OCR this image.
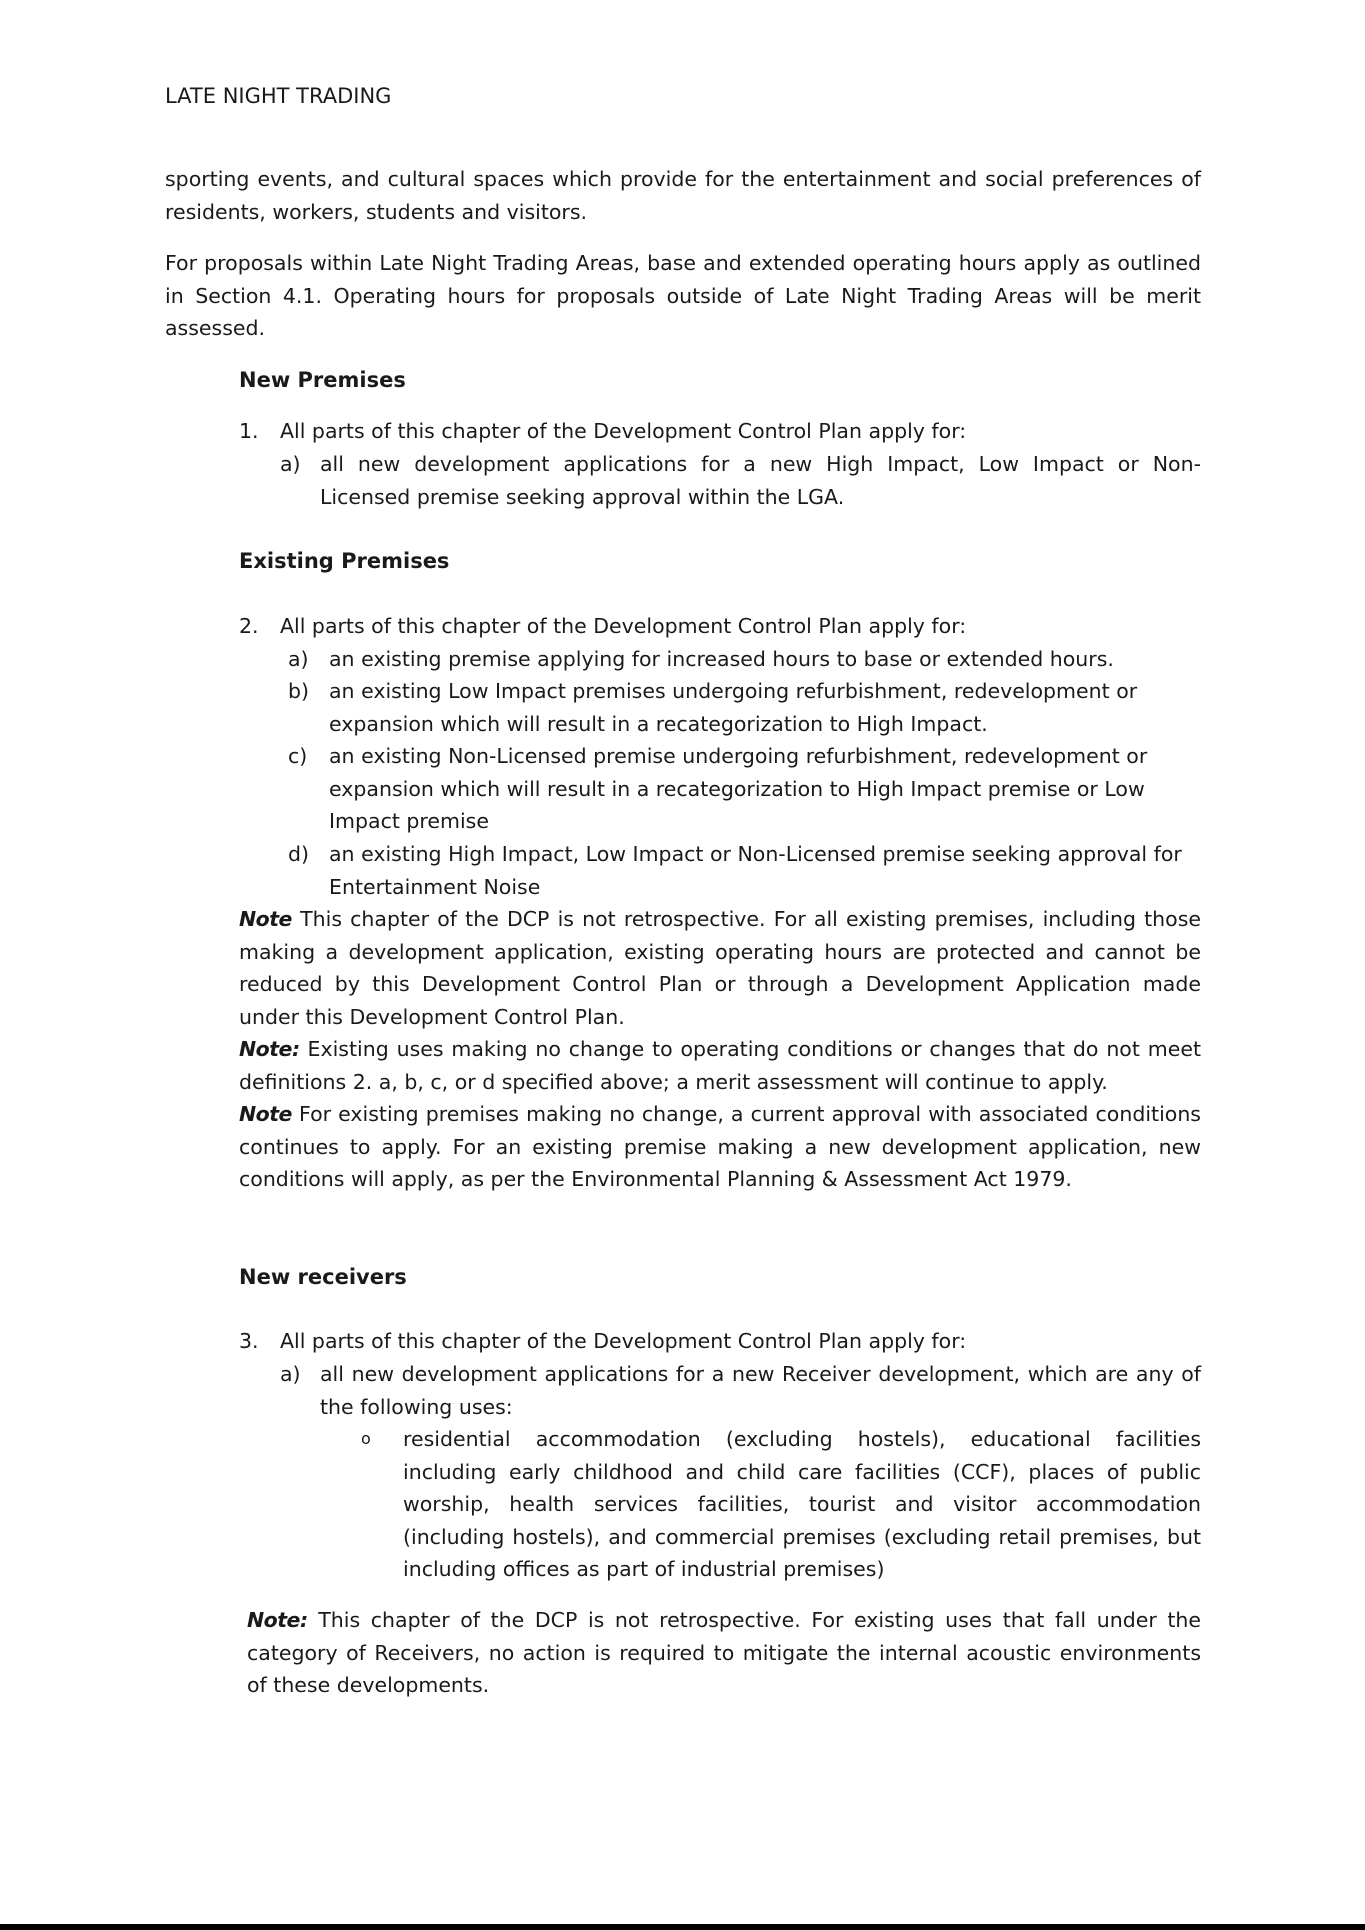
LATE NIGHT TRADING
sporting events, and cultural spaces which provide for the entertainment and social preferences of residents, workers, students and visitors.
For proposals within Late Night Trading Areas, base and extended operating hours apply as outlined in Section 4.1. Operating hours for proposals outside of Late Night Trading Areas will be merit assessed.
New Premises
1. All parts of this chapter of the Development Control Plan apply for:
a) all new development applications for a new High Impact, Low Impact or Non-Licensed premise seeking approval within the LGA.
Existing Premises
2. All parts of this chapter of the Development Control Plan apply for:
a) an existing premise applying for increased hours to base or extended hours.
b) an existing Low Impact premises undergoing refurbishment, redevelopment or expansion which will result in a recategorization to High Impact.
c) an existing Non-Licensed premise undergoing refurbishment, redevelopment or expansion which will result in a recategorization to High Impact premise or Low Impact premise
d) an existing High Impact, Low Impact or Non-Licensed premise seeking approval for Entertainment Noise
Note This chapter of the DCP is not retrospective. For all existing premises, including those making a development application, existing operating hours are protected and cannot be reduced by this Development Control Plan or through a Development Application made under this Development Control Plan.
Note: Existing uses making no change to operating conditions or changes that do not meet definitions 2. a, b, c, or d specified above; a merit assessment will continue to apply.
Note For existing premises making no change, a current approval with associated conditions continues to apply. For an existing premise making a new development application, new conditions will apply, as per the Environmental Planning & Assessment Act 1979.
New receivers
3. All parts of this chapter of the Development Control Plan apply for:
a) all new development applications for a new Receiver development, which are any of the following uses:
o residential accommodation (excluding hostels), educational facilities including early childhood and child care facilities (CCF), places of public worship, health services facilities, tourist and visitor accommodation (including hostels), and commercial premises (excluding retail premises, but including offices as part of industrial premises)
Note: This chapter of the DCP is not retrospective. For existing uses that fall under the category of Receivers, no action is required to mitigate the internal acoustic environments of these developments.
